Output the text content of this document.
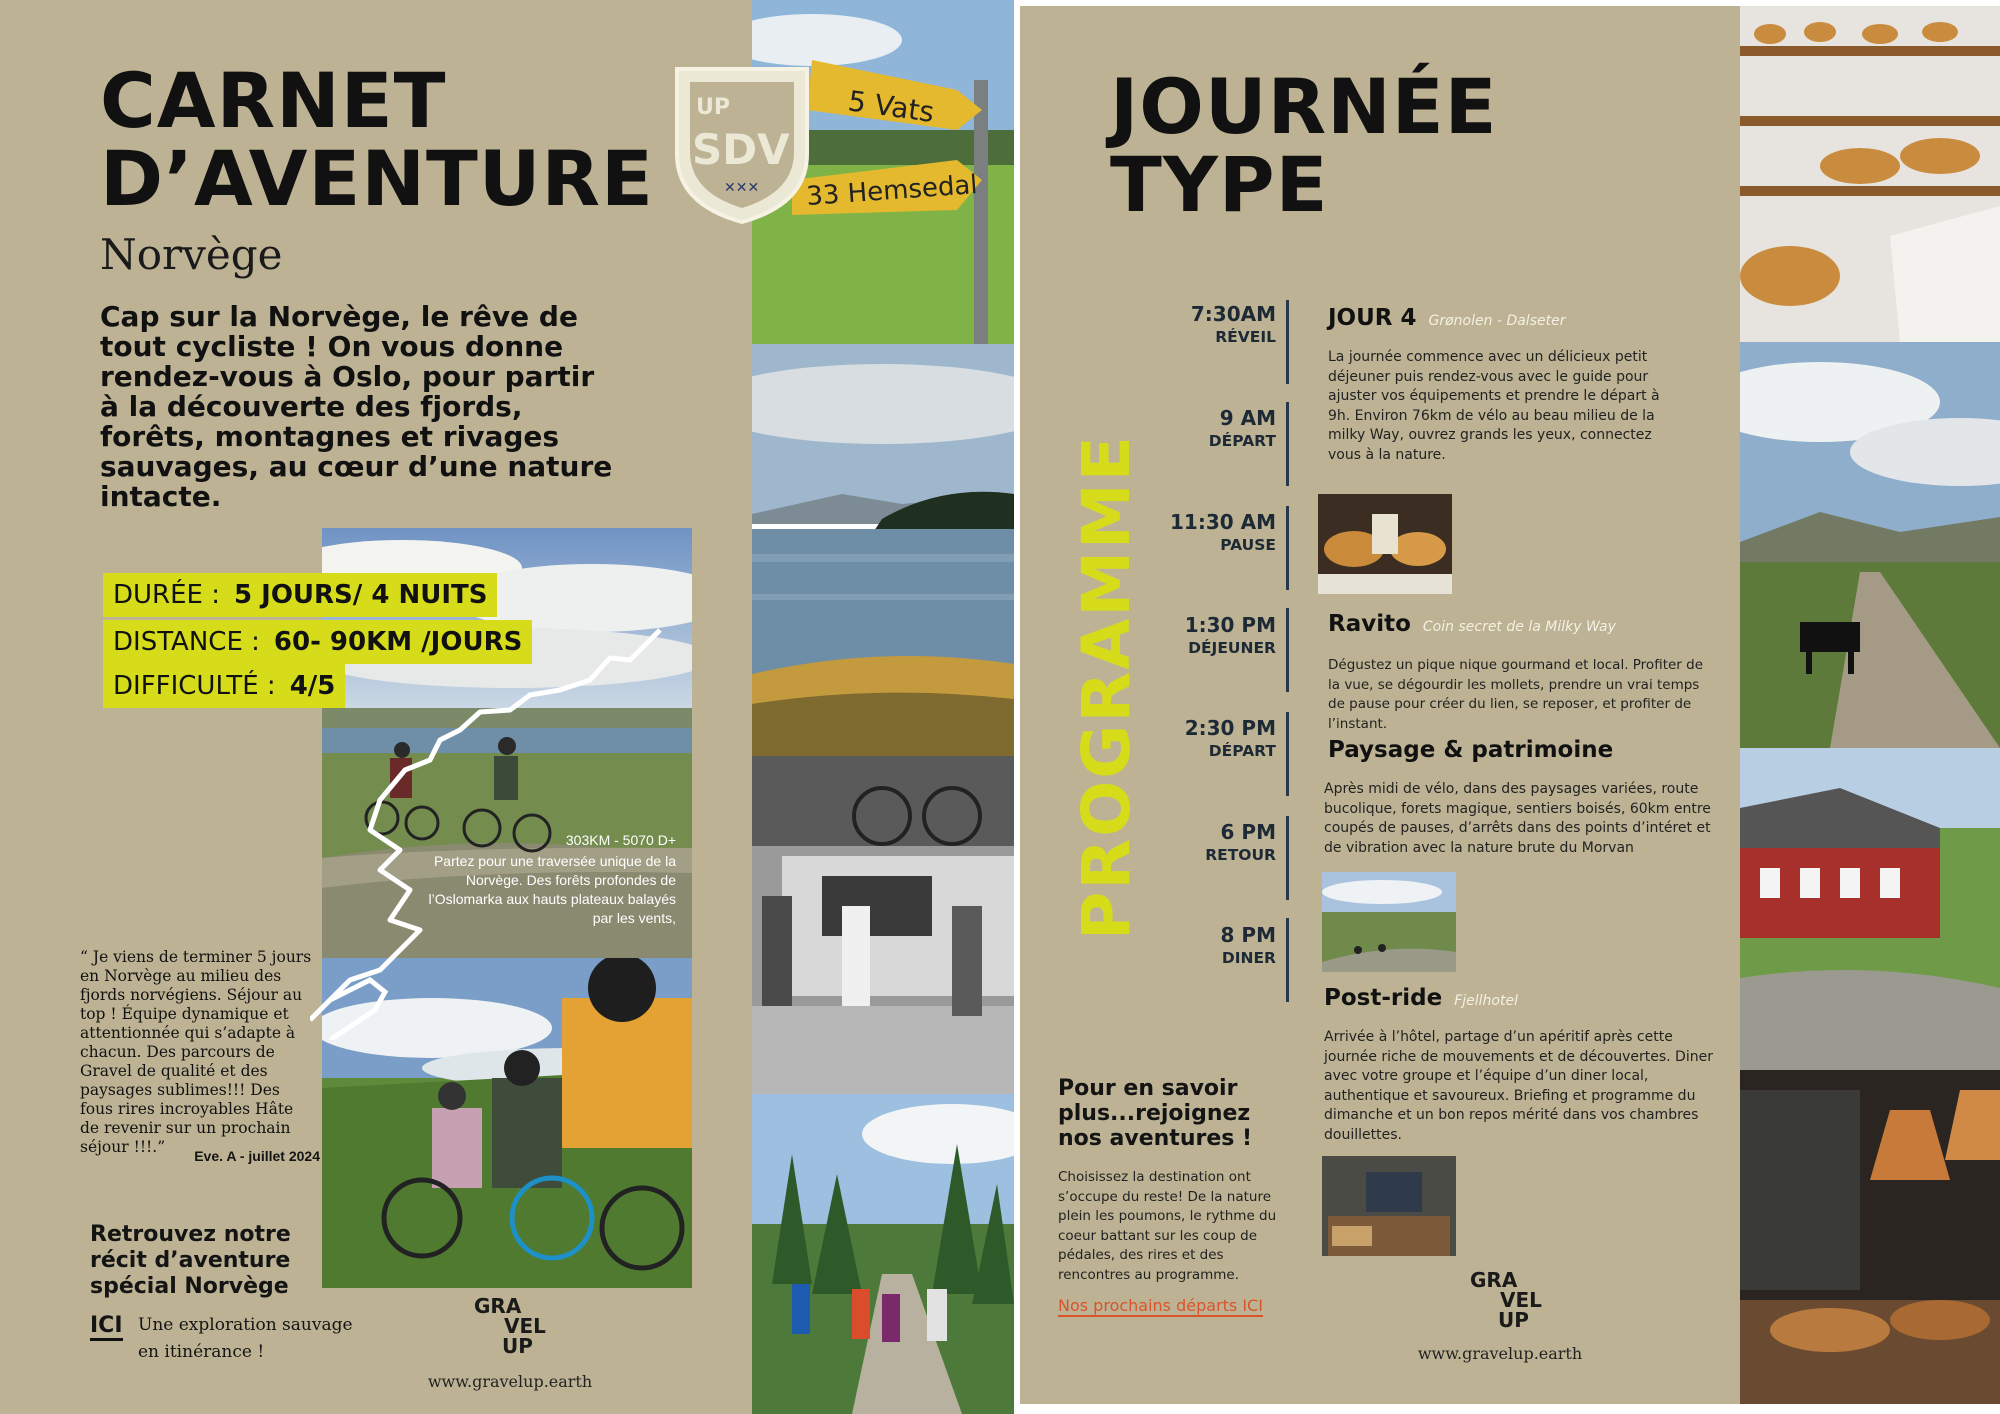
CARNET
D’AVENTURE
Norvège
Cap sur la Norvège, le rêve de tout cycliste ! On vous donne rendez-vous à Oslo, pour partir à la découverte des fjords, forêts, montagnes et rivages sauvages, au cœur d’une nature intacte.
303KM - 5070 D+
Partez pour une traversée unique de la Norvège. Des forêts profondes de l’Oslomarka aux hauts plateaux balayés par les vents,
DURÉE : 5 JOURS/ 4 NUITS
DISTANCE : 60- 90KM /JOURS
DIFFICULTÉ : 4/5
“ Je viens de terminer 5 jours en Norvège au milieu des fjords norvégiens. Séjour au top ! Équipe dynamique et attentionnée qui s’adapte à chacun. Des parcours de Gravel de qualité et des paysages sublimes!!! Des fous rires incroyables Hâte de revenir sur un prochain séjour !!!.”	Eve. A - juillet 2024
Retrouvez notre récit d’aventure spécial Norvège
ICI Une exploration sauvage en itinérance !
GRA
VEL
UP
www.gravelup.earth
5 Vats
33 Hemsedal
UP
SDV
✕✕✕
JOURNÉE
TYPE
PROGRAMME
7:30AM
RÉVEIL
9 AM
DÉPART
11:30 AM
PAUSE
1:30 PM
DÉJEUNER
2:30 PM
DÉPART
6 PM
RETOUR
8 PM
DINER
JOUR 4 Grønolen - Dalseter
La journée commence avec un délicieux petit déjeuner puis rendez-vous avec le guide pour ajuster vos équipements et prendre le départ à 9h. Environ 76km de vélo au beau milieu de la milky Way, ouvrez grands les yeux, connectez vous à la nature.
Ravito Coin secret de la Milky Way
Dégustez un pique nique gourmand et local. Profiter de la vue, se dégourdir les mollets, prendre un vrai temps de pause pour créer du lien, se reposer, et profiter de l’instant.
Paysage & patrimoine
Après midi de vélo, dans des paysages variées, route bucolique, forets magique, sentiers boisés, 60km entre coupés de pauses, d’arrêts dans des points d’intéret et de vibration avec la nature brute du Morvan
Post-ride Fjellhotel
Arrivée à l’hôtel, partage d’un apéritif après cette journée riche de mouvements et de découvertes. Diner avec votre groupe et l’équipe d’un diner local, authentique et savoureux. Briefing et programme du dimanche et un bon repos mérité dans vos chambres douillettes.
Pour en savoir plus...rejoignez nos aventures !
Choisissez la destination ont s’occupe du reste! De la nature plein les poumons, le rythme du coeur battant sur les coup de pédales, des rires et des rencontres au programme.
Nos prochains départs ICI
GRA
VEL
UP
www.gravelup.earth
